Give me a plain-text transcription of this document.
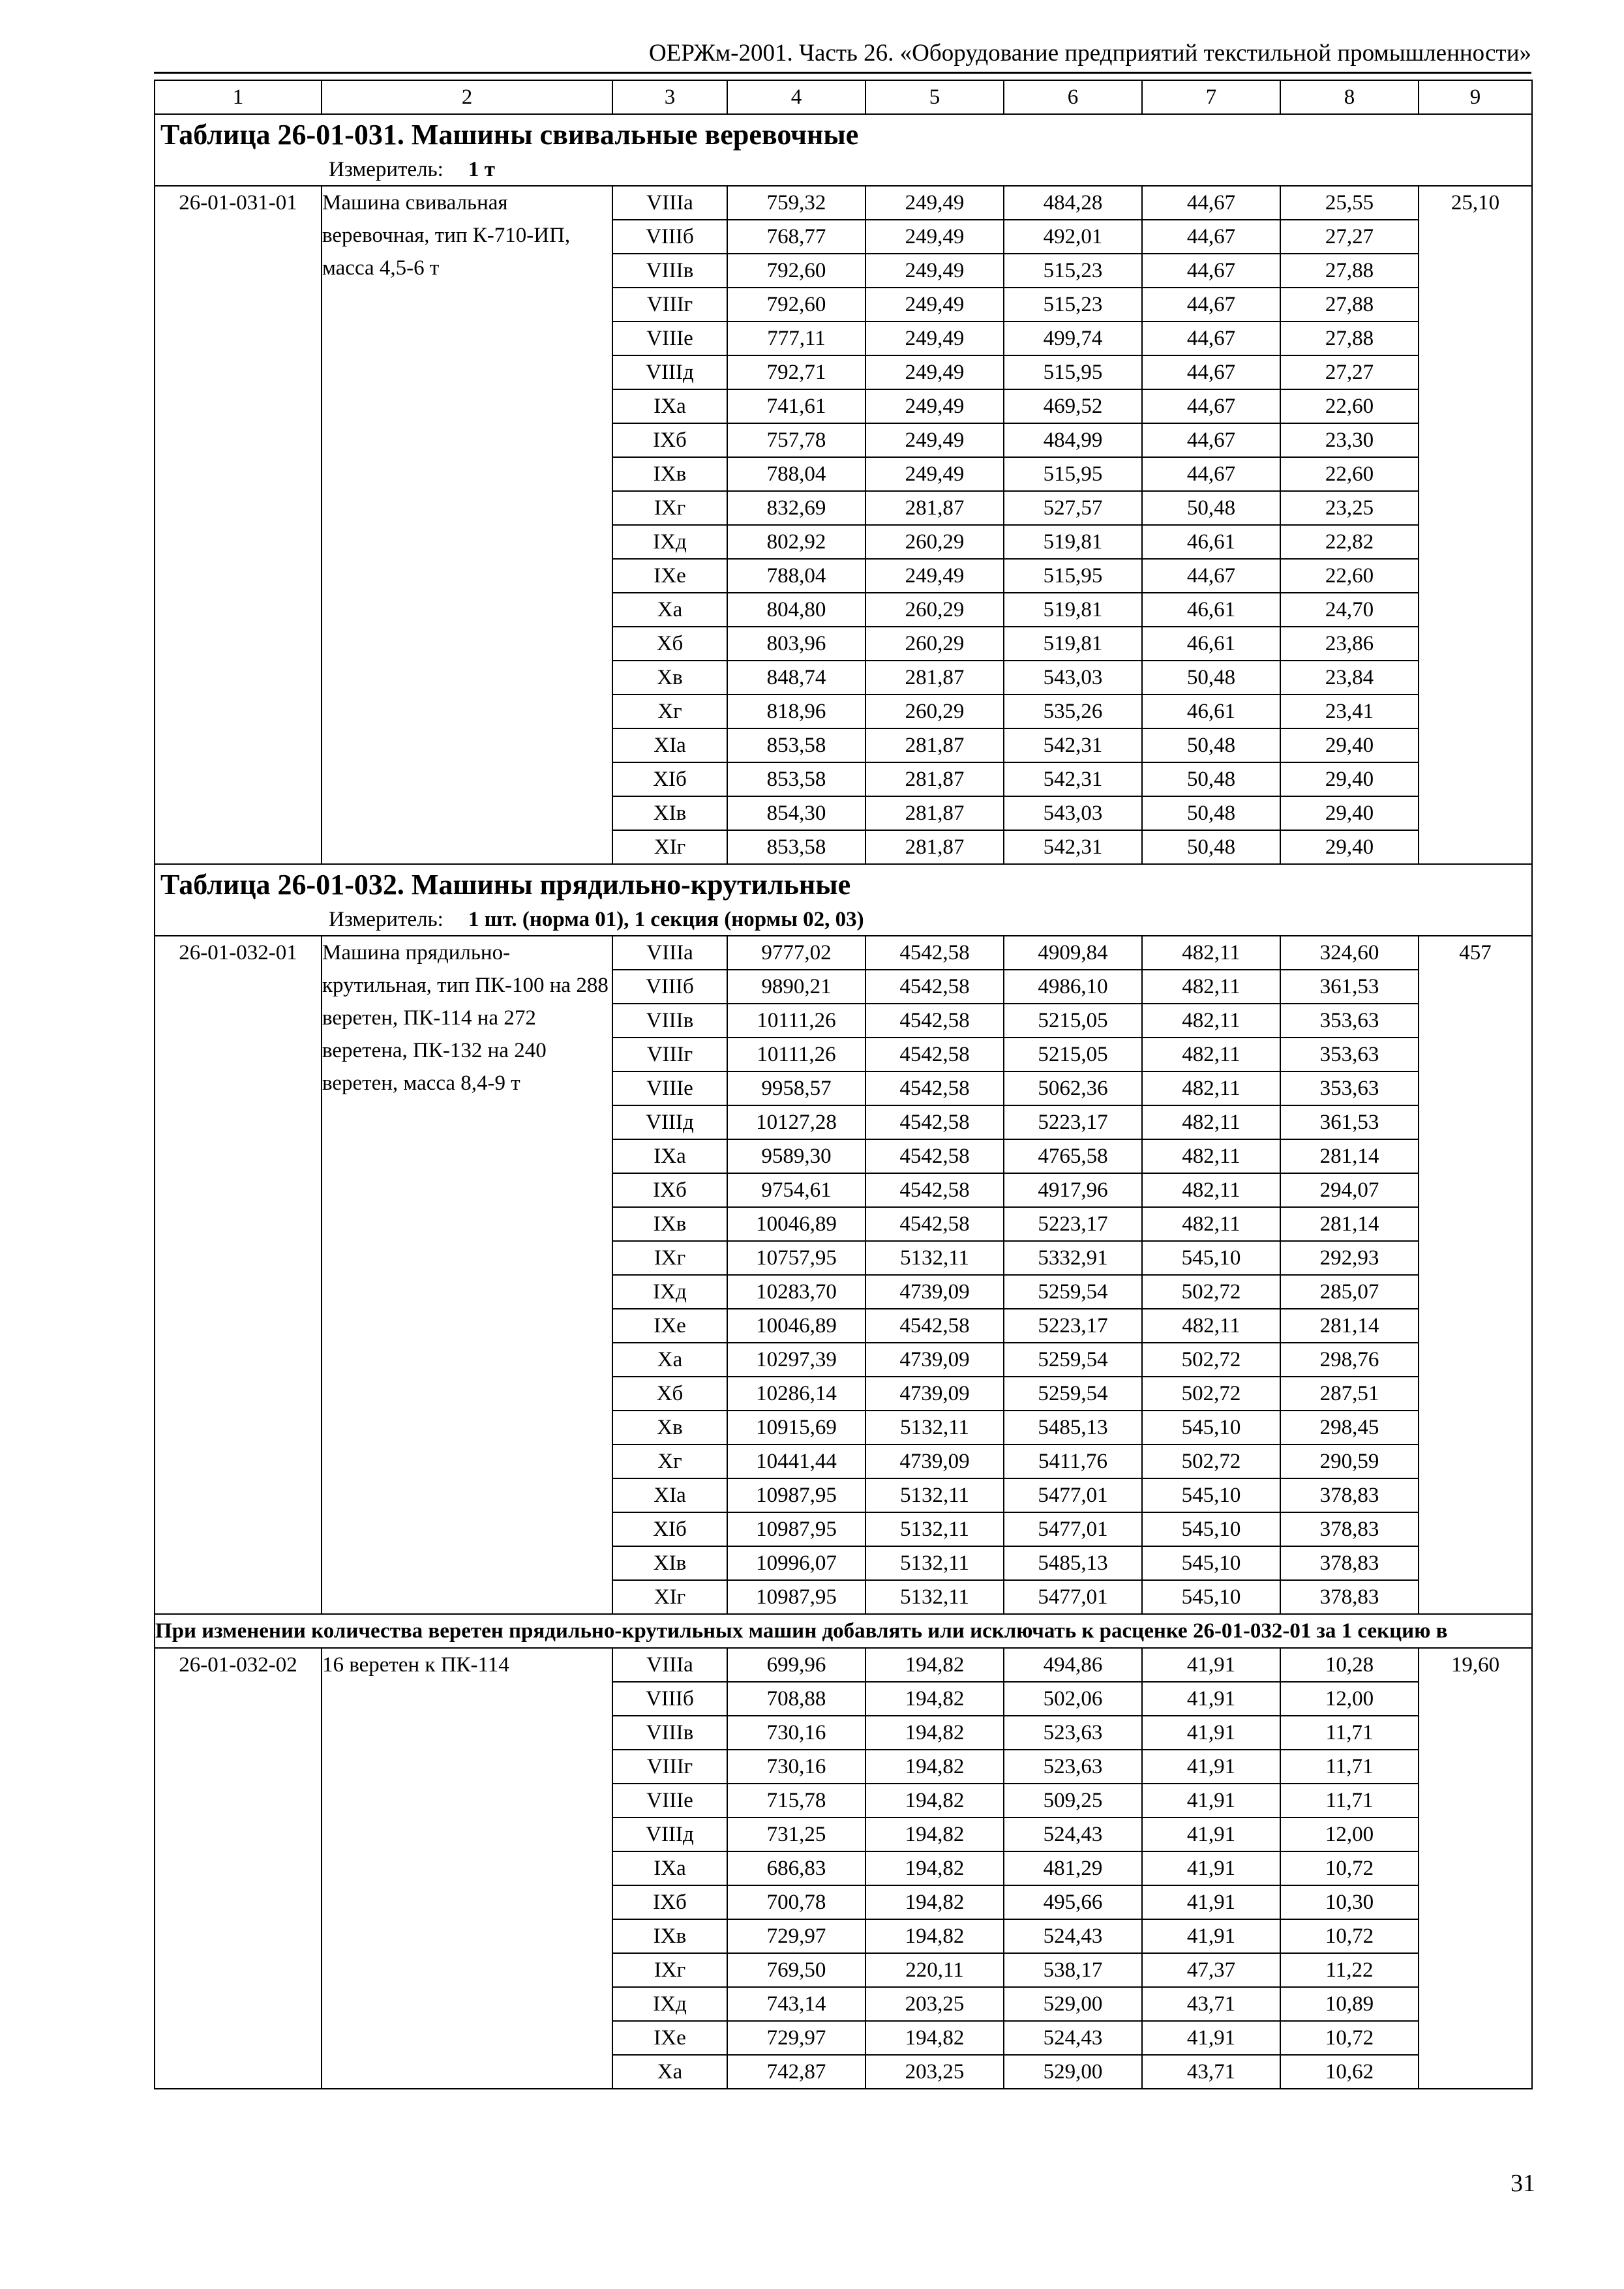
ОЕРЖм-2001. Часть 26. «Оборудование предприятий текстильной промышленности»
1	2	3	4	5	6	7	8	9

Таблица 26-01-031. Машины свивальные веревочные
Измеритель: 1 т								

26-01-031-01	Машина свивальная веревочная, тип К-710-ИП, масса 4,5-6 т	VIIIа	759,32	249,49	484,28	44,67	25,55	25,10
		VIIIб	768,77	249,49	492,01	44,67	27,27	
		VIIIв	792,60	249,49	515,23	44,67	27,88	
		VIIIг	792,60	249,49	515,23	44,67	27,88	
		VIIIе	777,11	249,49	499,74	44,67	27,88	
		VIIIд	792,71	249,49	515,95	44,67	27,27	
		IXа	741,61	249,49	469,52	44,67	22,60	
		IXб	757,78	249,49	484,99	44,67	23,30	
		IXв	788,04	249,49	515,95	44,67	22,60	
		IXг	832,69	281,87	527,57	50,48	23,25	
		IXд	802,92	260,29	519,81	46,61	22,82	
		IXе	788,04	249,49	515,95	44,67	22,60	
		Xа	804,80	260,29	519,81	46,61	24,70	
		Xб	803,96	260,29	519,81	46,61	23,86	
		Xв	848,74	281,87	543,03	50,48	23,84	
		Xг	818,96	260,29	535,26	46,61	23,41	
		XIа	853,58	281,87	542,31	50,48	29,40	
		XIб	853,58	281,87	542,31	50,48	29,40	
		XIв	854,30	281,87	543,03	50,48	29,40	
		XIг	853,58	281,87	542,31	50,48	29,40	

Таблица 26-01-032. Машины прядильно-крутильные
Измеритель: 1 шт. (норма 01), 1 секция (нормы 02, 03)								

26-01-032-01	Машина прядильно-крутильная, тип ПК-100 на 288 веретен, ПК-114 на 272 веретена, ПК-132 на 240 веретен, масса 8,4-9 т	VIIIа	9777,02	4542,58	4909,84	482,11	324,60	457
		VIIIб	9890,21	4542,58	4986,10	482,11	361,53	
		VIIIв	10111,26	4542,58	5215,05	482,11	353,63	
		VIIIг	10111,26	4542,58	5215,05	482,11	353,63	
		VIIIе	9958,57	4542,58	5062,36	482,11	353,63	
		VIIIд	10127,28	4542,58	5223,17	482,11	361,53	
		IXа	9589,30	4542,58	4765,58	482,11	281,14	
		IXб	9754,61	4542,58	4917,96	482,11	294,07	
		IXв	10046,89	4542,58	5223,17	482,11	281,14	
		IXг	10757,95	5132,11	5332,91	545,10	292,93	
		IXд	10283,70	4739,09	5259,54	502,72	285,07	
		IXе	10046,89	4542,58	5223,17	482,11	281,14	
		Xа	10297,39	4739,09	5259,54	502,72	298,76	
		Xб	10286,14	4739,09	5259,54	502,72	287,51	
		Xв	10915,69	5132,11	5485,13	545,10	298,45	
		Xг	10441,44	4739,09	5411,76	502,72	290,59	
		XIа	10987,95	5132,11	5477,01	545,10	378,83	
		XIб	10987,95	5132,11	5477,01	545,10	378,83	
		XIв	10996,07	5132,11	5485,13	545,10	378,83	
		XIг	10987,95	5132,11	5477,01	545,10	378,83	
При изменении количества веретен прядильно-крутильных машин добавлять или исключать к расценке 26-01-032-01 за 1 секцию в								
26-01-032-02	16 веретен к ПК-114	VIIIа	699,96	194,82	494,86	41,91	10,28	19,60
		VIIIб	708,88	194,82	502,06	41,91	12,00	
		VIIIв	730,16	194,82	523,63	41,91	11,71	
		VIIIг	730,16	194,82	523,63	41,91	11,71	
		VIIIе	715,78	194,82	509,25	41,91	11,71	
		VIIIд	731,25	194,82	524,43	41,91	12,00	
		IXа	686,83	194,82	481,29	41,91	10,72	
		IXб	700,78	194,82	495,66	41,91	10,30	
		IXв	729,97	194,82	524,43	41,91	10,72	
		IXг	769,50	220,11	538,17	47,37	11,22	
		IXд	743,14	203,25	529,00	43,71	10,89	
		IXе	729,97	194,82	524,43	41,91	10,72	
		Xа	742,87	203,25	529,00	43,71	10,62	
31
